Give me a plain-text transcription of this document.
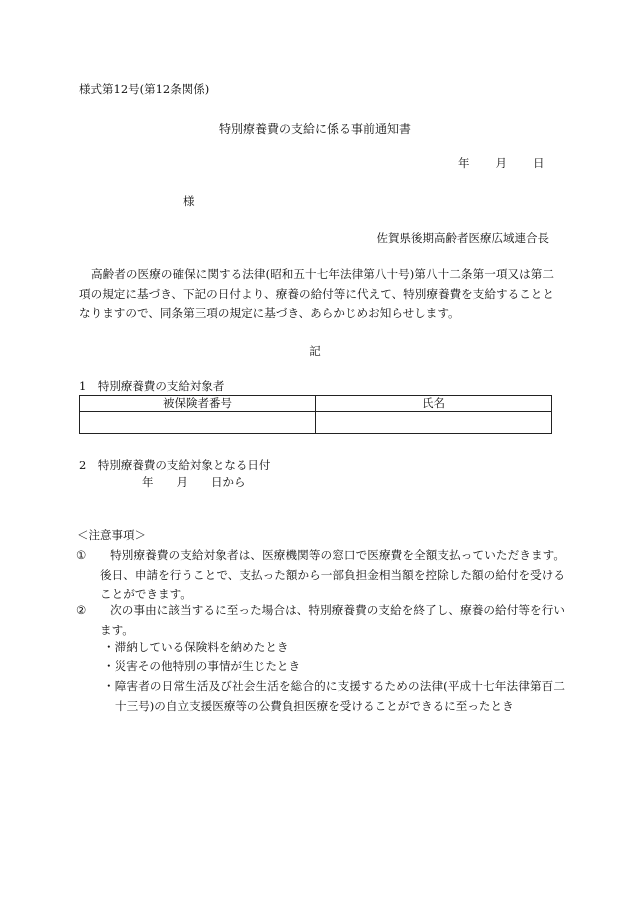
様式第12号(第12条関係)
特別療養費の支給に係る事前通知書
年 月 日
様
佐賀県後期高齢者医療広域連合長
高齢者の医療の確保に関する法律(昭和五十七年法律第八十号)第八十二条第一項又は第二項の規定に基づき、下記の日付より、療養の給付等に代えて、特別療養費を支給することとなりますので、同条第三項の規定に基づき、あらかじめお知らせします。
記
1　特別療養費の支給対象者
被保険者番号	氏名

2　特別療養費の支給対象となる日付
年　　月　　日から
＜注意事項＞
① 特別療養費の支給対象者は、医療機関等の窓口で医療費を全額支払っていただきます。後日、申請を行うことで、支払った額から一部負担金相当額を控除した額の給付を受けることができます。
② 次の事由に該当するに至った場合は、特別療養費の支給を終了し、療養の給付等を行います。
・滞納している保険料を納めたとき
・災害その他特別の事情が生じたとき
・障害者の日常生活及び社会生活を総合的に支援するための法律(平成十七年法律第百二十三号)の自立支援医療等の公費負担医療を受けることができるに至ったとき
